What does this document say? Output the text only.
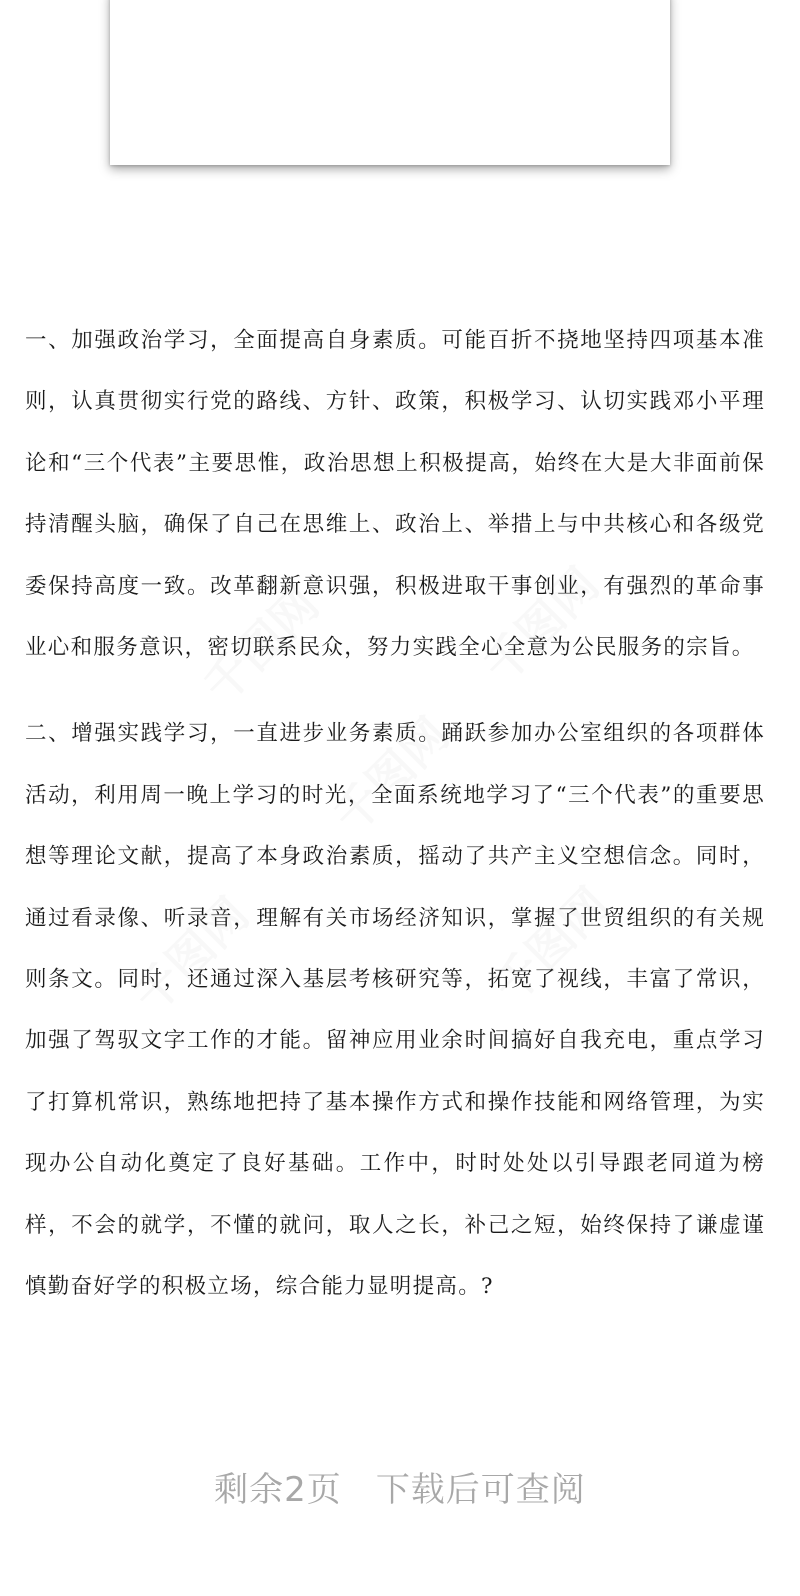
一、加强政治学习，全面提高自身素质。可能百折不挠地坚持四项基本准则，认真贯彻实行党的路线、方针、政策，积极学习、认切实践邓小平理论和“三个代表”主要思惟，政治思想上积极提高，始终在大是大非面前保持清醒头脑，确保了自己在思维上、政治上、举措上与中共核心和各级党委保持高度一致。改革翻新意识强，积极进取干事创业，有强烈的革命事业心和服务意识，密切联系民众，努力实践全心全意为公民服务的宗旨。

二、增强实践学习，一直进步业务素质。踊跃参加办公室组织的各项群体活动，利用周一晚上学习的时光，全面系统地学习了“三个代表”的重要思想等理论文献，提高了本身政治素质，摇动了共产主义空想信念。同时，通过看录像、听录音，理解有关市场经济知识，掌握了世贸组织的有关规则条文。同时，还通过深入基层考核研究等，拓宽了视线，丰富了常识，加强了驾驭文字工作的才能。留神应用业余时间搞好自我充电，重点学习了打算机常识，熟练地把持了基本操作方式和操作技能和网络管理，为实现办公自动化奠定了良好基础。工作中，时时处处以引导跟老同道为榜样，不会的就学，不懂的就问，取人之长，补己之短，始终保持了谦虚谨慎勤奋好学的积极立场，综合能力显明提高。?

千图网	千图网
千图网
千图网	千图网
剩余2页 下载后可查阅
